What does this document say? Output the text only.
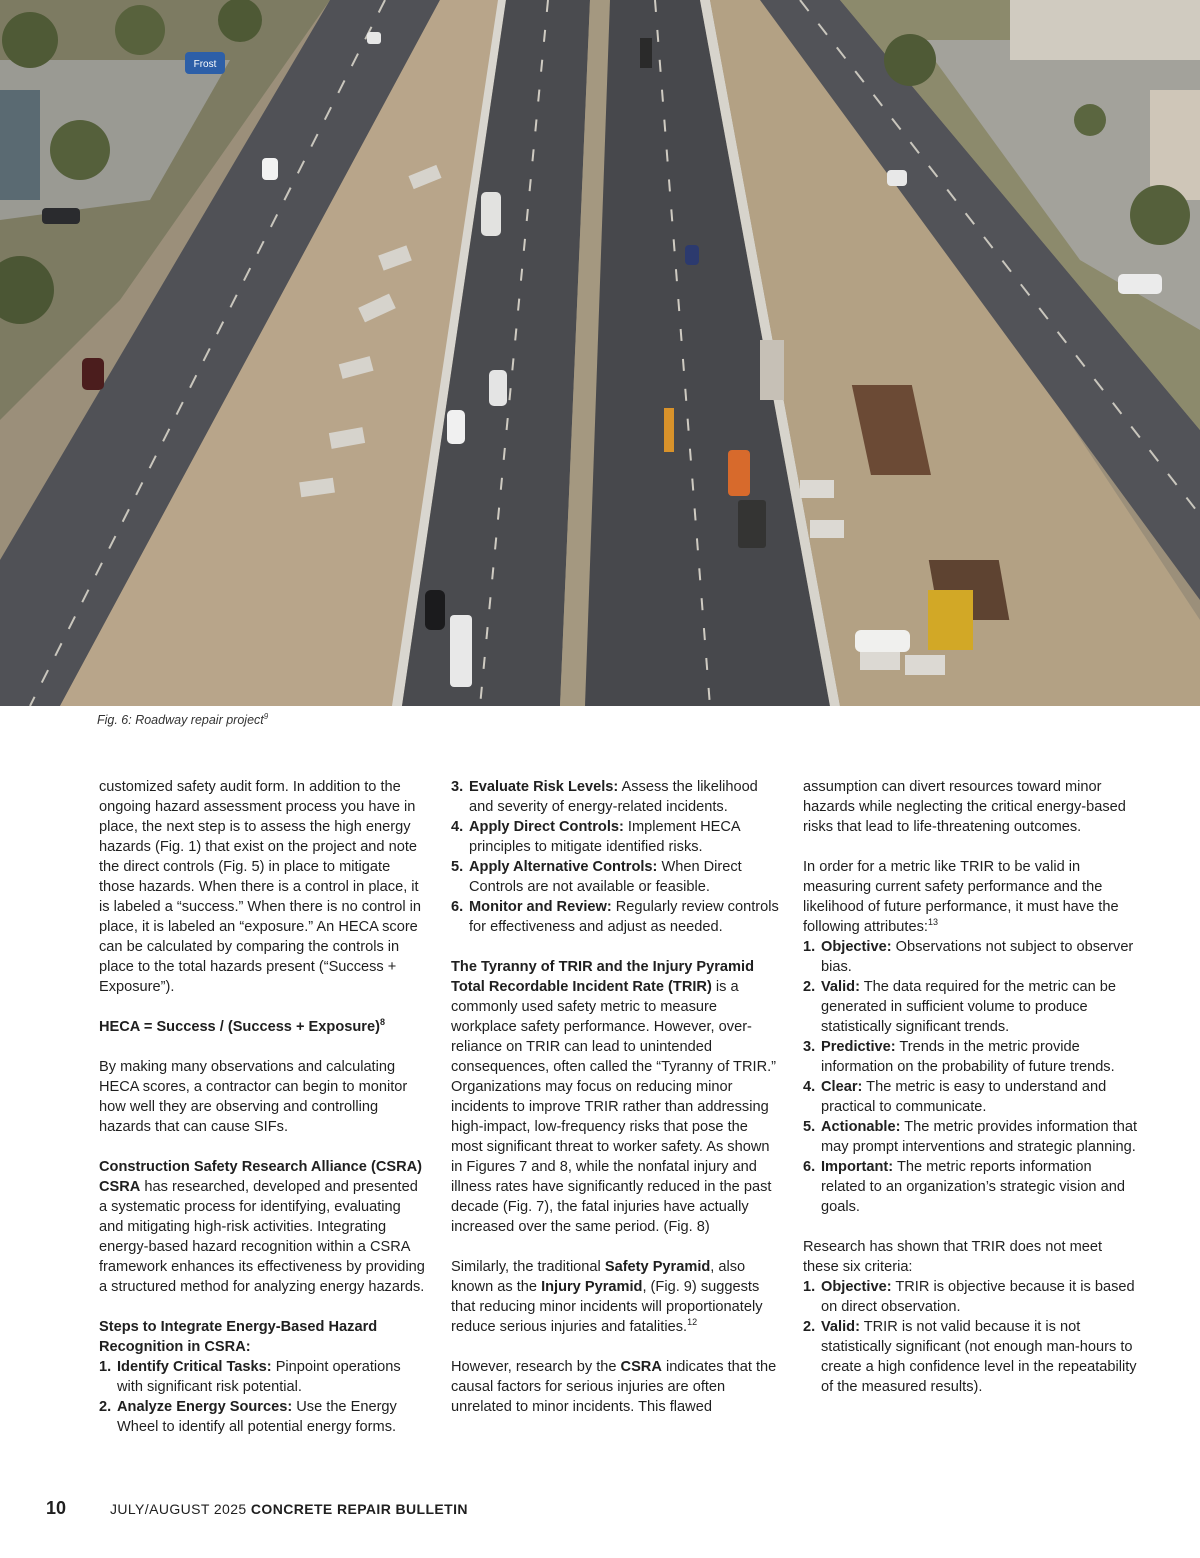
Frost
Fig. 6: Roadway repair project$^9$

customized safety audit form. In addition to the ongoing hazard assessment process you have in place, the next step is to assess the high energy hazards (Fig. 1) that exist on the project and note the direct controls (Fig. 5) in place to mitigate those hazards. When there is a control in place, it is labeled a “success.” When there is no control in place, it is labeled an “exposure.” An HECA score can be calculated by comparing the controls in place to the total hazards present (“Success + Exposure”).

HECA = Success / (Success + Exposure)$^8$

By making many observations and calculating HECA scores, a contractor can begin to monitor how well they are observing and controlling hazards that can cause SIFs.

Construction Safety Research Alliance (CSRA)

CSRA has researched, developed and presented a systematic process for identifying, evaluating and mitigating high-risk activities. Integrating energy-based hazard recognition within a CSRA framework enhances its effectiveness by providing a structured method for analyzing energy hazards.

Steps to Integrate Energy-Based Hazard Recognition in CSRA:

1. Identify Critical Tasks: Pinpoint operations with significant risk potential.
2. Analyze Energy Sources: Use the Energy Wheel to identify all potential energy forms.
3. Evaluate Risk Levels: Assess the likelihood and severity of energy-related incidents.
4. Apply Direct Controls: Implement HECA principles to mitigate identified risks.
5. Apply Alternative Controls: When Direct Controls are not available or feasible.
6. Monitor and Review: Regularly review controls for effectiveness and adjust as needed.

The Tyranny of TRIR and the Injury Pyramid

Total Recordable Incident Rate (TRIR) is a commonly used safety metric to measure workplace safety performance. However, over-reliance on TRIR can lead to unintended consequences, often called the “Tyranny of TRIR.” Organizations may focus on reducing minor incidents to improve TRIR rather than addressing high-impact, low-frequency risks that pose the most significant threat to worker safety. As shown in Figures 7 and 8, while the nonfatal injury and illness rates have significantly reduced in the past decade (Fig. 7), the fatal injuries have actually increased over the same period. (Fig. 8)

Similarly, the traditional Safety Pyramid, also known as the Injury Pyramid, (Fig. 9) suggests that reducing minor incidents will proportionately reduce serious injuries and fatalities.$^{12}$

However, research by the CSRA indicates that the causal factors for serious injuries are often unrelated to minor incidents. This flawed

assumption can divert resources toward minor hazards while neglecting the critical energy-based risks that lead to life-threatening outcomes.

In order for a metric like TRIR to be valid in measuring current safety performance and the likelihood of future performance, it must have the following attributes:$^{13}$

1. Objective: Observations not subject to observer bias.
2. Valid: The data required for the metric can be generated in sufficient volume to produce statistically significant trends.
3. Predictive: Trends in the metric provide information on the probability of future trends.
4. Clear: The metric is easy to understand and practical to communicate.
5. Actionable: The metric provides information that may prompt interventions and strategic planning.
6. Important: The metric reports information related to an organization’s strategic vision and goals.

Research has shown that TRIR does not meet these six criteria:

1. Objective: TRIR is objective because it is based on direct observation.
2. Valid: TRIR is not valid because it is not statistically significant (not enough man-hours to create a high confidence level in the repeatability of the measured results).
10	JULY/AUGUST 2025 CONCRETE REPAIR BULLETIN
